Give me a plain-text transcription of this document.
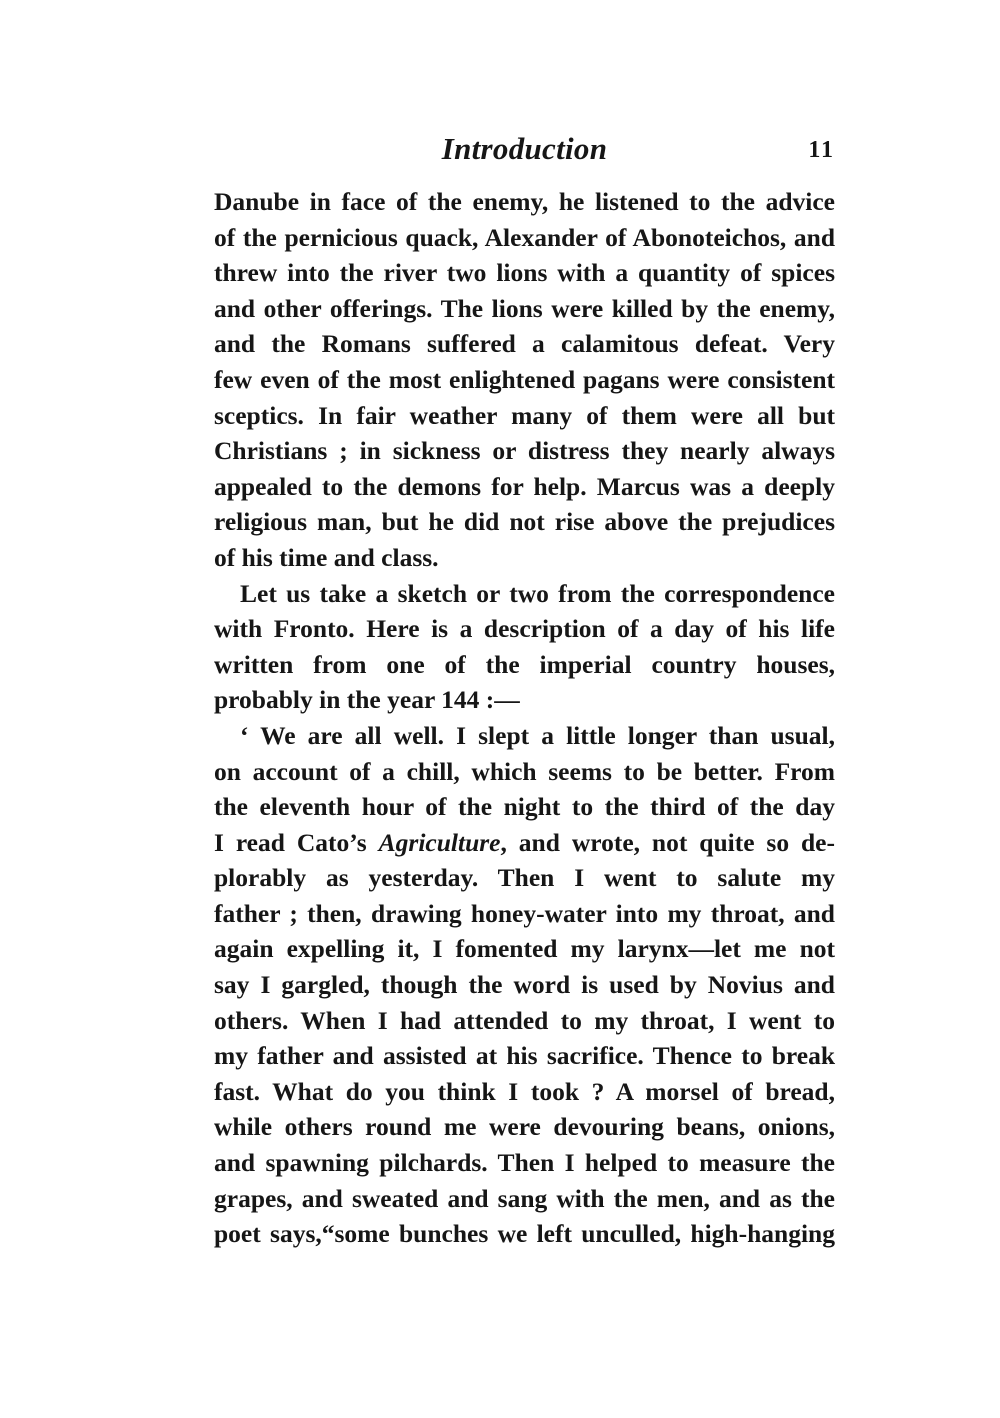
Introduction	11
Danube in face of the enemy, he listened to the advice
of the pernicious quack, Alexander of Abonoteichos, and
threw into the river two lions with a quantity of spices
and other offerings. The lions were killed by the enemy,
and the Romans suffered a calamitous defeat. Very
few even of the most enlightened pagans were consistent
sceptics. In fair weather many of them were all but
Christians ; in sickness or distress they nearly always
appealed to the demons for help. Marcus was a deeply
religious man, but he did not rise above the prejudices
of his time and class.
Let us take a sketch or two from the correspondence
with Fronto. Here is a description of a day of his life
written from one of the imperial country houses,
probably in the year 144 :—
‘ We are all well. I slept a little longer than usual,
on account of a chill, which seems to be better. From
the eleventh hour of the night to the third of the day
I read Cato’s Agriculture, and wrote, not quite so de-
plorably as yesterday. Then I went to salute my
father ; then, drawing honey-water into my throat, and
again expelling it, I fomented my larynx—let me not
say I gargled, though the word is used by Novius and
others. When I had attended to my throat, I went to
my father and assisted at his sacrifice. Thence to break
fast. What do you think I took ? A morsel of bread,
while others round me were devouring beans, onions,
and spawning pilchards. Then I helped to measure the
grapes, and sweated and sang with the men, and as the
poet says,“some bunches we left unculled, high-hanging
